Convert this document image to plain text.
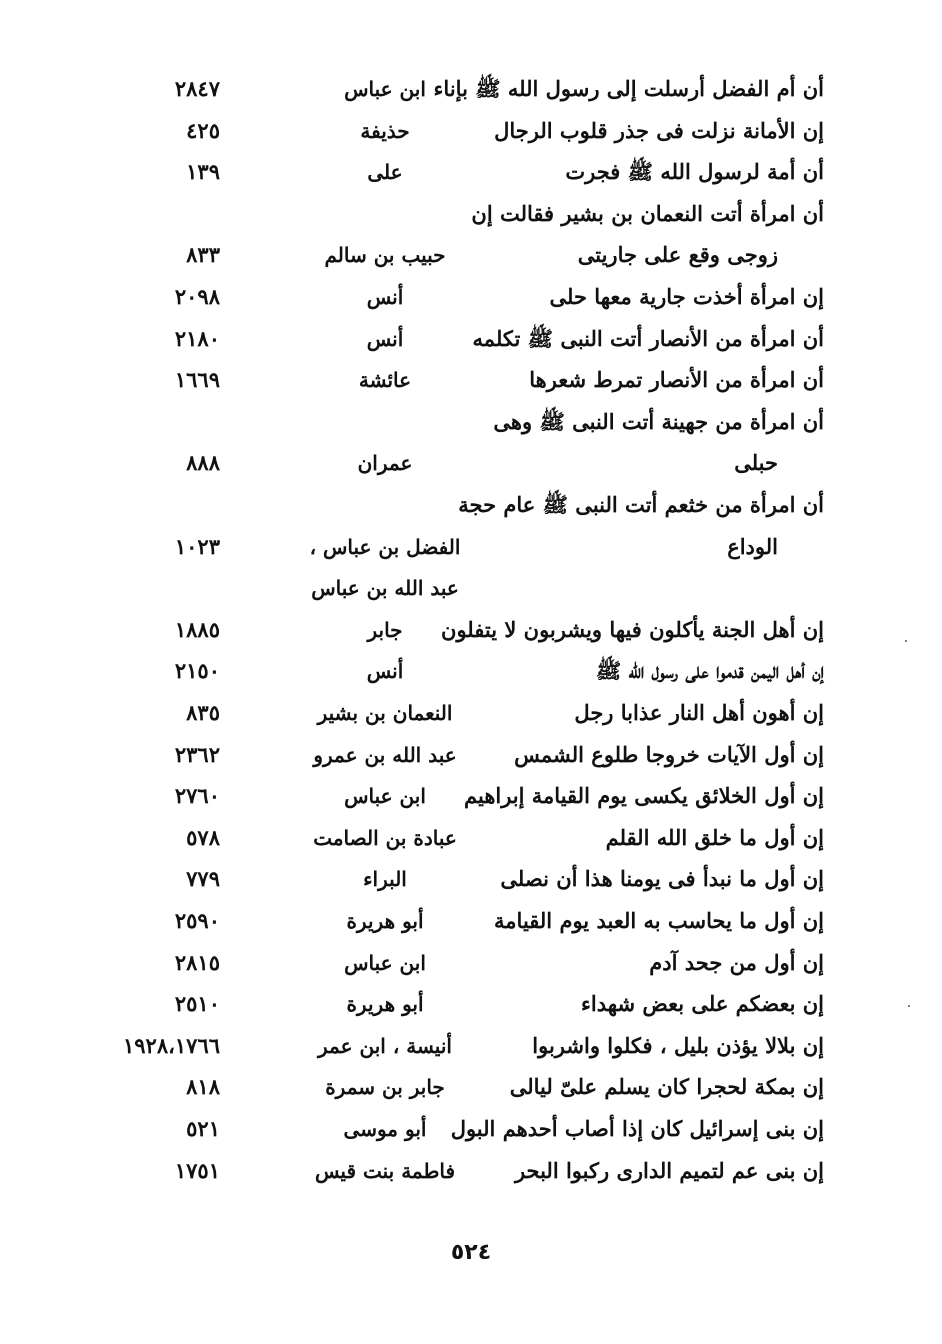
٥٢٤
أن أم الفضل أرسلت إلى رسول الله ﷺ بإناء
ابن عباس
٢٨٤٧
إن الأمانة نزلت فى جذر قلوب الرجال
حذيفة
٤٢٥
أن أمة لرسول الله ﷺ فجرت
على
١٣٩
أن امرأة أتت النعمان بن بشير فقالت إن
زوجى وقع على جاريتى
حبيب بن سالم
٨٣٣
إن امرأة أخذت جارية معها حلى
أنس
٢٠٩٨
أن امرأة من الأنصار أتت النبى ﷺ تكلمه
أنس
٢١٨٠
أن امرأة من الأنصار تمرط شعرها
عائشة
١٦٦٩
أن امرأة من جهينة أتت النبى ﷺ وهى
حبلى
عمران
٨٨٨
أن امرأة من خثعم أتت النبى ﷺ عام حجة
الوداع
الفضل بن عباس ،
١٠٢٣
عبد الله بن عباس
إن أهل الجنة يأكلون فيها ويشربون لا يتفلون
جابر
١٨٨٥
إن أهل اليمن قدموا على رسول الله ﷺ
أنس
٢١٥٠
إن أهون أهل النار عذابا رجل
النعمان بن بشير
٨٣٥
إن أول الآيات خروجا طلوع الشمس
عبد الله بن عمرو
٢٣٦٢
إن أول الخلائق يكسى يوم القيامة إبراهيم
ابن عباس
٢٧٦٠
إن أول ما خلق الله القلم
عبادة بن الصامت
٥٧٨
إن أول ما نبدأ فى يومنا هذا أن نصلى
البراء
٧٧٩
إن أول ما يحاسب به العبد يوم القيامة
أبو هريرة
٢٥٩٠
إن أول من جحد آدم
ابن عباس
٢٨١٥
إن بعضكم على بعض شهداء
أبو هريرة
٢٥١٠
إن بلالا يؤذن بليل ، فكلوا واشربوا
أنيسة ، ابن عمر
١٩٢٨،١٧٦٦
إن بمكة لحجرا كان يسلم علىّ ليالى
جابر بن سمرة
٨١٨
إن بنى إسرائيل كان إذا أصاب أحدهم البول
أبو موسى
٥٢١
إن بنى عم لتميم الدارى ركبوا البحر
فاطمة بنت قيس
١٧٥١
